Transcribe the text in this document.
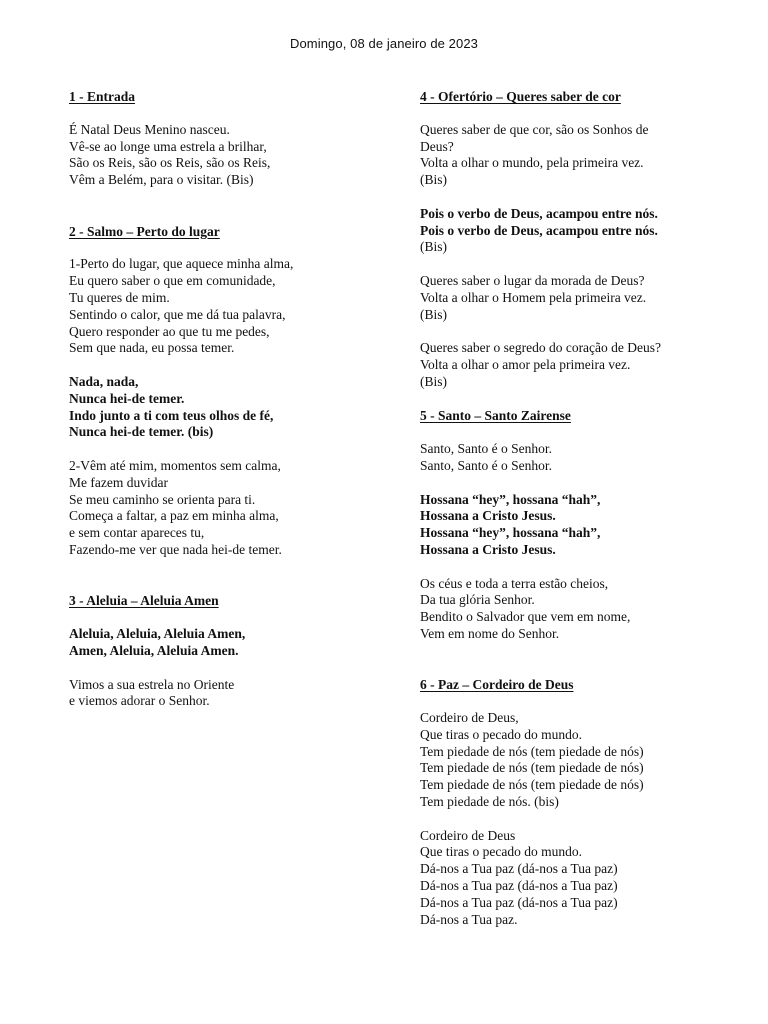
Domingo, 08 de janeiro de 2023
1 - Entrada
É Natal Deus Menino nasceu.
Vê-se ao longe uma estrela a brilhar,
São os Reis, são os Reis, são os Reis,
Vêm a Belém, para o visitar. (Bis)
2 - Salmo – Perto do lugar
1-Perto do lugar, que aquece minha alma,
Eu quero saber o que em comunidade,
Tu queres de mim.
Sentindo o calor, que me dá tua palavra,
Quero responder ao que tu me pedes,
Sem que nada, eu possa temer.
Nada, nada,
Nunca hei-de temer.
Indo junto a ti com teus olhos de fé,
Nunca hei-de temer. (bis)
2-Vêm até mim, momentos sem calma,
Me fazem duvidar
Se meu caminho se orienta para ti.
Começa a faltar, a paz em minha alma,
e sem contar apareces tu,
Fazendo-me ver que nada hei-de temer.
3 - Aleluia – Aleluia Amen
Aleluia, Aleluia, Aleluia Amen,
Amen, Aleluia, Aleluia Amen.
Vimos a sua estrela no Oriente
e viemos adorar o Senhor.
4 - Ofertório – Queres saber de cor
Queres saber de que cor, são os Sonhos de
Deus?
Volta a olhar o mundo, pela primeira vez.
(Bis)
Pois o verbo de Deus, acampou entre nós.
Pois o verbo de Deus, acampou entre nós.
(Bis)
Queres saber o lugar da morada de Deus?
Volta a olhar o Homem pela primeira vez.
(Bis)
Queres saber o segredo do coração de Deus?
Volta a olhar o amor pela primeira vez.
(Bis)
5 - Santo – Santo Zairense
Santo, Santo é o Senhor.
Santo, Santo é o Senhor.
Hossana “hey”, hossana “hah”,
Hossana a Cristo Jesus.
Hossana “hey”, hossana “hah”,
Hossana a Cristo Jesus.
Os céus e toda a terra estão cheios,
Da tua glória Senhor.
Bendito o Salvador que vem em nome,
Vem em nome do Senhor.
6 - Paz – Cordeiro de Deus
Cordeiro de Deus,
Que tiras o pecado do mundo.
Tem piedade de nós (tem piedade de nós)
Tem piedade de nós (tem piedade de nós)
Tem piedade de nós (tem piedade de nós)
Tem piedade de nós. (bis)
Cordeiro de Deus
Que tiras o pecado do mundo.
Dá-nos a Tua paz (dá-nos a Tua paz)
Dá-nos a Tua paz (dá-nos a Tua paz)
Dá-nos a Tua paz (dá-nos a Tua paz)
Dá-nos a Tua paz.
